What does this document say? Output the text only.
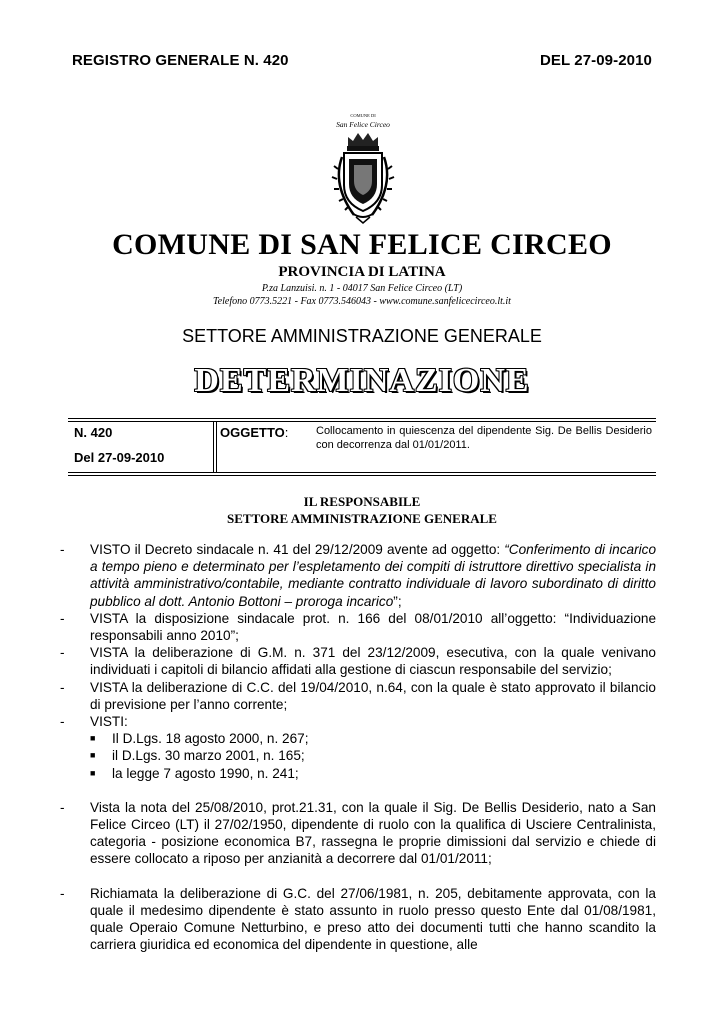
REGISTRO GENERALE N. 420	DEL 27-09-2010
COMUNE DI
San Felice Circeo
COMUNE DI SAN FELICE CIRCEO
PROVINCIA DI LATINA
P.za Lanzuisi. n. 1 - 04017 San Felice Circeo (LT)
Telefono 0773.5221 - Fax 0773.546043 - www.comune.sanfelicecirceo.lt.it
SETTORE AMMINISTRAZIONE GENERALE
DETERMINAZIONE
N. 420
Del 27-09-2010
OGGETTO:	Collocamento in quiescenza del dipendente Sig. De Bellis Desiderio con decorrenza dal 01/01/2011.
IL RESPONSABILE
SETTORE AMMINISTRAZIONE GENERALE
-	VISTO il Decreto sindacale n. 41 del 29/12/2009 avente ad oggetto: “Conferimento di incarico a tempo pieno e determinato per l’espletamento dei compiti di istruttore direttivo specialista in attività amministrativo/contabile, mediante contratto individuale di lavoro subordinato di diritto pubblico al dott. Antonio Bottoni – proroga incarico”;
-	VISTA la disposizione sindacale prot. n. 166 del 08/01/2010 all’oggetto: “Individuazione responsabili anno 2010”;
-	VISTA la deliberazione di G.M. n. 371 del 23/12/2009, esecutiva, con la quale venivano individuati i capitoli di bilancio affidati alla gestione di ciascun responsabile del servizio;
-	VISTA la deliberazione di C.C. del 19/04/2010, n.64, con la quale è stato approvato il bilancio di previsione per l’anno corrente;
-	VISTI:
■	Il D.Lgs. 18 agosto 2000, n. 267;
■	il D.Lgs. 30 marzo 2001, n. 165;
■	la legge 7 agosto 1990, n. 241;
-	Vista la nota del 25/08/2010, prot.21.31, con la quale il Sig. De Bellis Desiderio, nato a San Felice Circeo (LT) il 27/02/1950, dipendente di ruolo con la qualifica di Usciere Centralinista, categoria - posizione economica B7, rassegna le proprie dimissioni dal servizio e chiede di essere collocato a riposo per anzianità a decorrere dal 01/01/2011;
-	Richiamata la deliberazione di G.C. del 27/06/1981, n. 205, debitamente approvata, con la quale il medesimo dipendente è stato assunto in ruolo presso questo Ente dal 01/08/1981, quale Operaio Comune Netturbino, e preso atto dei documenti tutti che hanno scandito la carriera giuridica ed economica del dipendente in questione, alle
